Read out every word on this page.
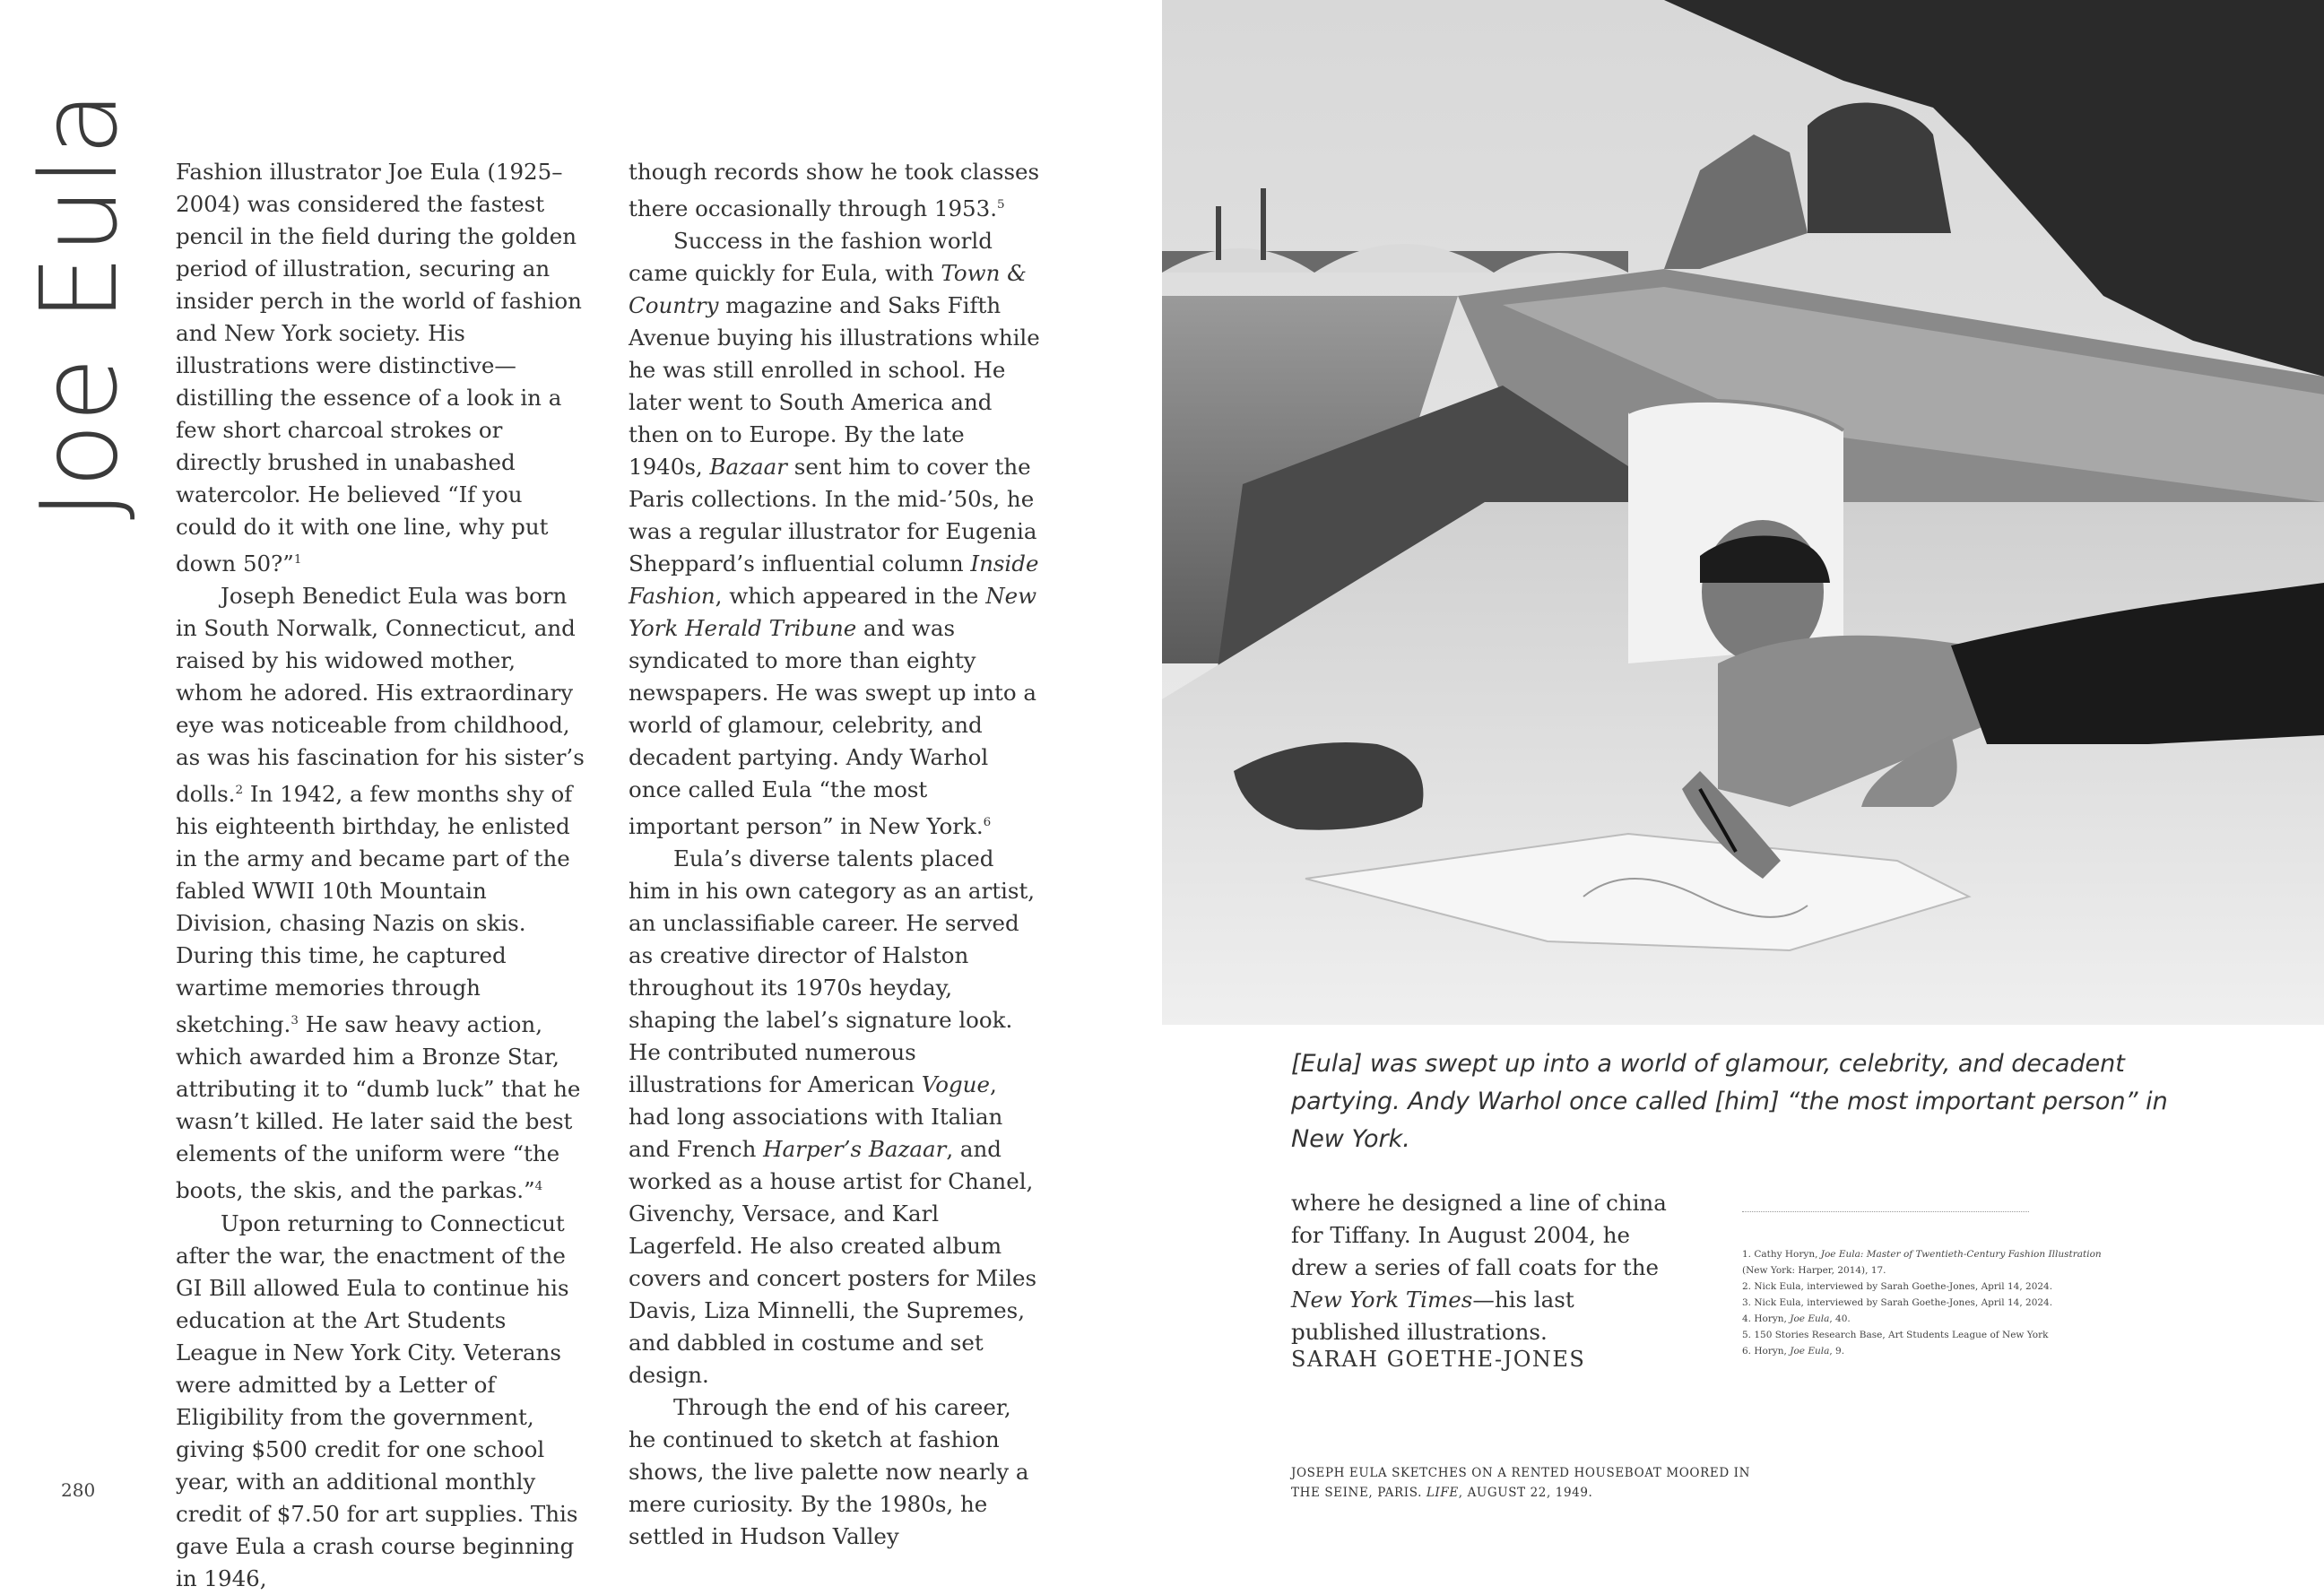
Joe Eula Fashion illustrator Joe Eula (1925–2004) was considered the fastest pencil in the field during the golden period of illustration, securing an insider perch in the world of fashion and New York society. His illustrations were distinctive—distilling the essence of a look in a few short charcoal strokes or directly brushed in unabashed watercolor. He believed “If you could do it with one line, why put down 50?”$^1$

Joseph Benedict Eula was born in South Norwalk, Connecticut, and raised by his widowed mother, whom he adored. His extraordinary eye was noticeable from childhood, as was his fascination for his sister’s dolls.$^2$ In 1942, a few months shy of his eighteenth birthday, he enlisted in the army and became part of the fabled WWII 10th Mountain Division, chasing Nazis on skis. During this time, he captured wartime memories through sketching.$^3$ He saw heavy action, which awarded him a Bronze Star, attributing it to “dumb luck” that he wasn’t killed. He later said the best elements of the uniform were “the boots, the skis, and the parkas.”$^4$

Upon returning to Connecticut after the war, the enactment of the GI Bill allowed Eula to continue his education at the Art Students League in New York City. Veterans were admitted by a Letter of Eligibility from the government, giving $500 credit for one school year, with an additional monthly credit of $7.50 for art supplies. This gave Eula a crash course beginning in 1946,

though records show he took classes there occasionally through 1953.$^5$

Success in the fashion world came quickly for Eula, with Town & Country magazine and Saks Fifth Avenue buying his illustrations while he was still enrolled in school. He later went to South America and then on to Europe. By the late 1940s, Bazaar sent him to cover the Paris collections. In the mid-’50s, he was a regular illustrator for Eugenia Sheppard’s influential column Inside Fashion, which appeared in the New York Herald Tribune and was syndicated to more than eighty newspapers. He was swept up into a world of glamour, celebrity, and decadent partying. Andy Warhol once called Eula “the most important person” in New York.$^6$

Eula’s diverse talents placed him in his own category as an artist, an unclassifiable career. He served as creative director of Halston throughout its 1970s heyday, shaping the label’s signature look. He contributed numerous illustrations for American Vogue, had long associations with Italian and French Harper’s Bazaar, and worked as a house artist for Chanel, Givenchy, Versace, and Karl Lagerfeld. He also created album covers and concert posters for Miles Davis, Liza Minnelli, the Supremes, and dabbled in costume and set design.

Through the end of his career, he continued to sketch at fashion shows, the live palette now nearly a mere curiosity. By the 1980s, he settled in Hudson Valley

[Eula] was swept up into a world of glamour, celebrity, and decadent partying. Andy Warhol once called [him] “the most important person” in New York.

where he designed a line of china for Tiffany. In August 2004, he drew a series of fall coats for the New York Times—his last published illustrations.

SARAH GOETHE-JONES
1. Cathy Horyn, Joe Eula: Master of Twentieth-Century Fashion Illustration
(New York: Harper, 2014), 17.
2. Nick Eula, interviewed by Sarah Goethe-Jones, April 14, 2024.
3. Nick Eula, interviewed by Sarah Goethe-Jones, April 14, 2024.
4. Horyn, Joe Eula, 40.
5. 150 Stories Research Base, Art Students League of New York
6. Horyn, Joe Eula, 9.
JOSEPH EULA SKETCHES ON A RENTED HOUSEBOAT MOORED IN THE SEINE, PARIS. LIFE, AUGUST 22, 1949.
280
